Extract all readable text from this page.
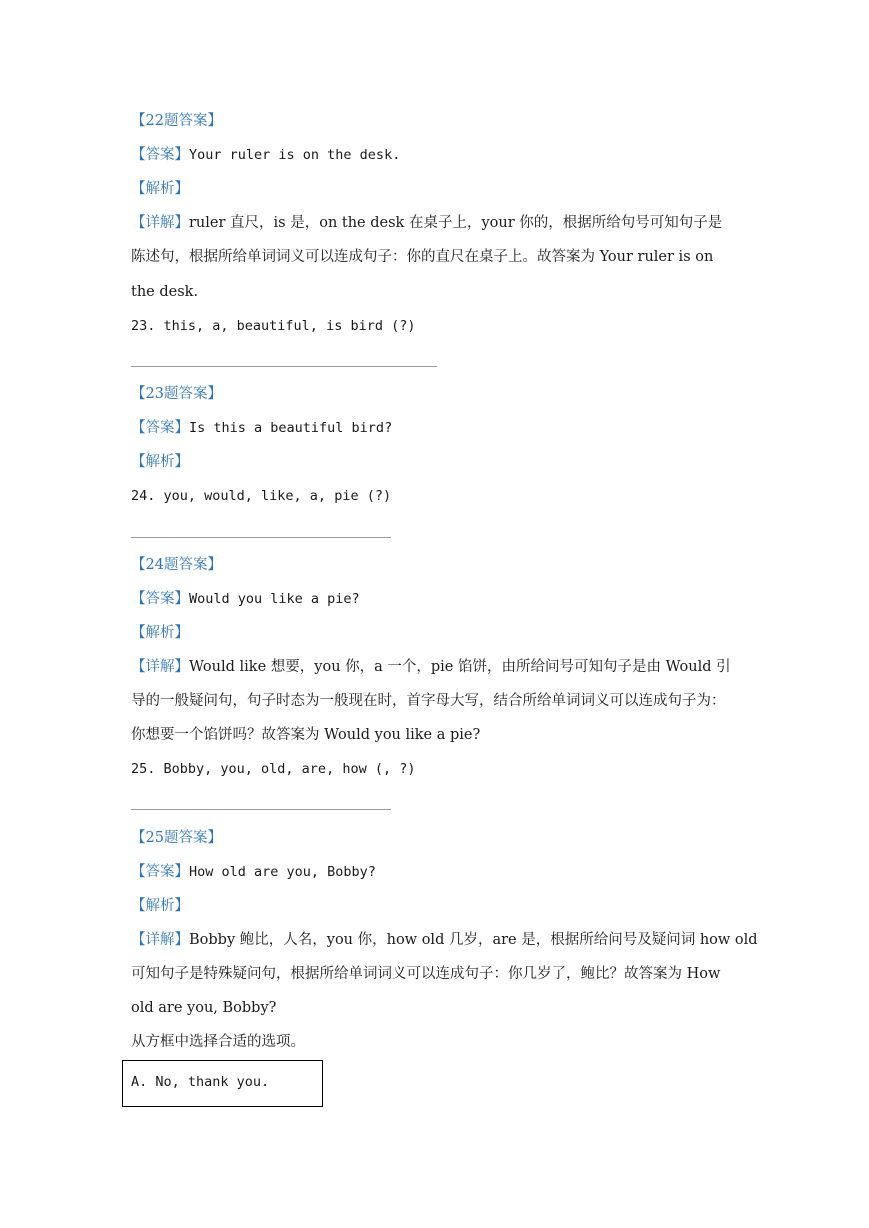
【22题答案】
【答案】Your ruler is on the desk.
【解析】
【详解】ruler 直尺，is 是，on the desk 在桌子上，your 你的，根据所给句号可知句子是
陈述句，根据所给单词词义可以连成句子：你的直尺在桌子上。故答案为 Your ruler is on
the desk.
23. this, a, beautiful, is bird (?)
【23题答案】
【答案】Is this a beautiful bird?
【解析】
24. you, would, like, a, pie (?)
【24题答案】
【答案】Would you like a pie?
【解析】
【详解】Would like 想要，you 你，a 一个，pie 馅饼，由所给问号可知句子是由 Would 引
导的一般疑问句，句子时态为一般现在时，首字母大写，结合所给单词词义可以连成句子为：
你想要一个馅饼吗？故答案为 Would you like a pie?
25. Bobby, you, old, are, how (, ?)
【25题答案】
【答案】How old are you, Bobby?
【解析】
【详解】Bobby 鲍比，人名，you 你，how old 几岁，are 是，根据所给问号及疑问词 how old
可知句子是特殊疑问句，根据所给单词词义可以连成句子：你几岁了，鲍比？故答案为 How
old are you, Bobby?
从方框中选择合适的选项。
A. No, thank you.
